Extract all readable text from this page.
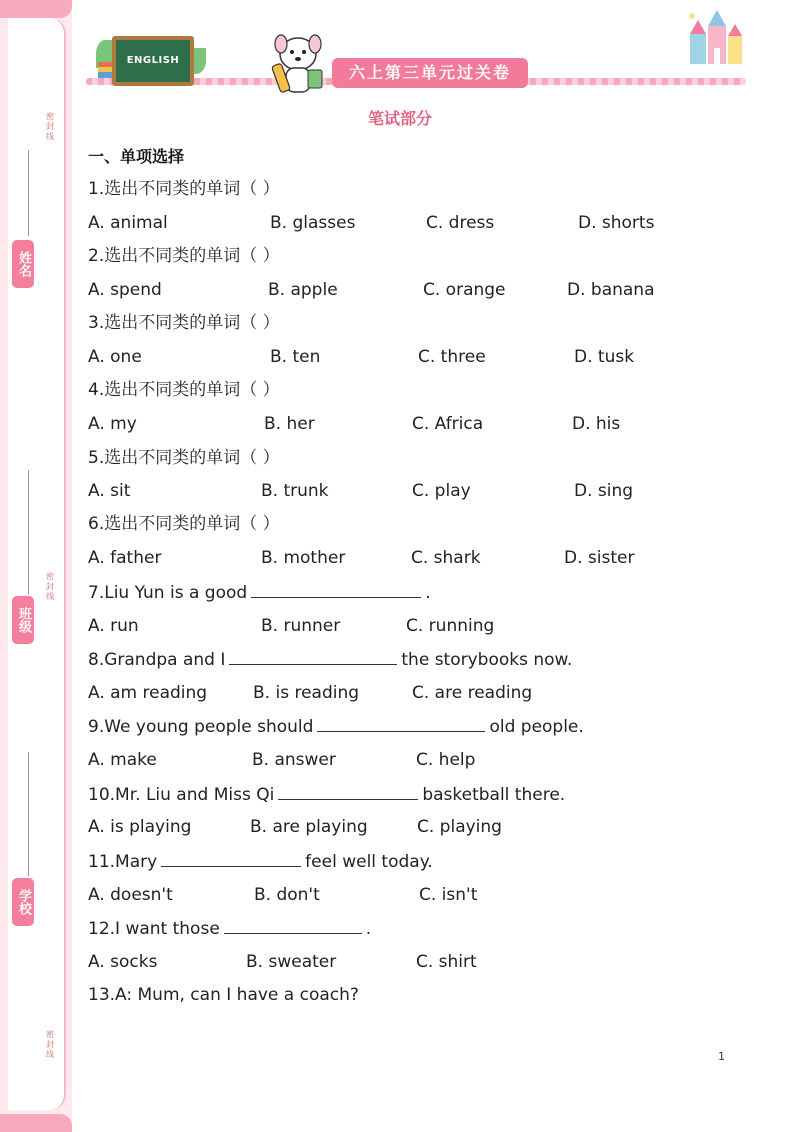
密封线
密封线
密封线
姓名
班级
学校
ENGLISH
六上第三单元过关卷
笔试部分
一、单项选择
1.选出不同类的单词（ ）
A. animal	B. glasses	C. dress	D. shorts
2.选出不同类的单词（ ）
A. spend	B. apple	C. orange	D. banana
3.选出不同类的单词（ ）
A. one	B. ten	C. three	D. tusk
4.选出不同类的单词（ ）
A. my	B. her	C. Africa	D. his
5.选出不同类的单词（ ）
A. sit	B. trunk	C. play	D. sing
6.选出不同类的单词（ ）
A. father	B. mother	C. shark	D. sister
7.Liu Yun is a good	.
A. run	B. runner	C. running
8.Grandpa and I	the storybooks now.
A. am reading	B. is reading	C. are reading
9.We young people should	old people.
A. make	B. answer	C. help
10.Mr. Liu and Miss Qi	basketball there.
A. is playing	B. are playing	C. playing
11.Mary	feel well today.
A. doesn't	B. don't	C. isn't
12.I want those	.
A. socks	B. sweater	C. shirt
13.A: Mum, can I have a coach?
1
